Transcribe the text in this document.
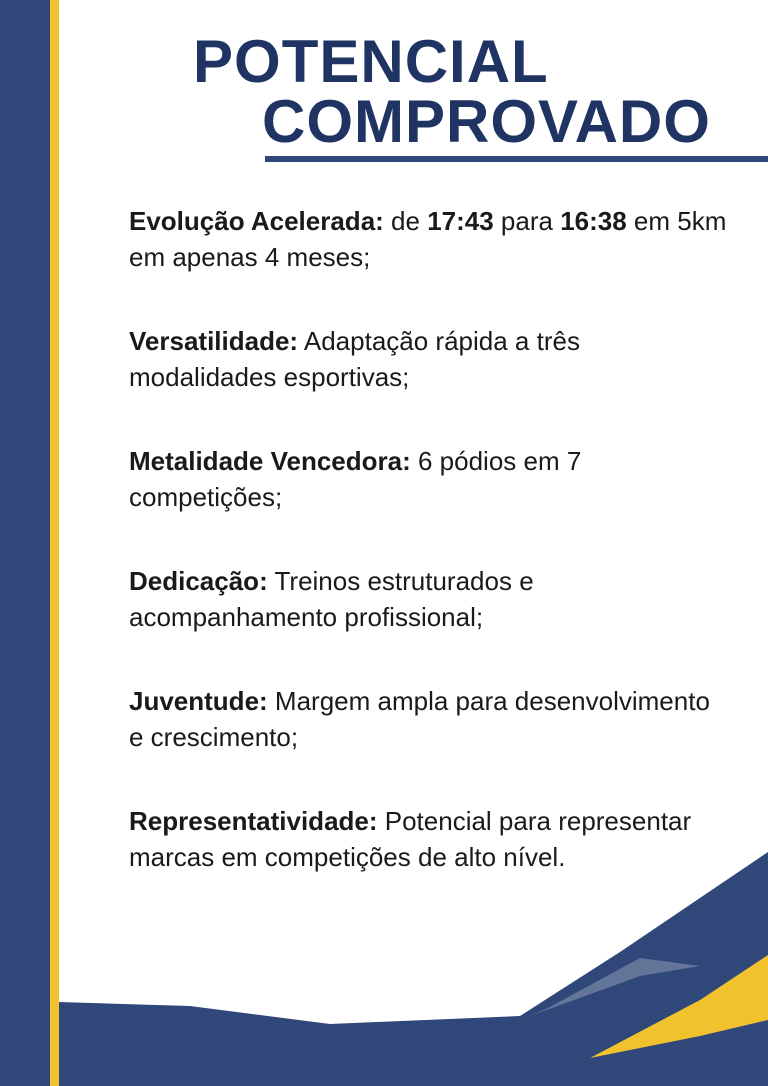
POTENCIAL
COMPROVADO
Evolução Acelerada: de 17:43 para 16:38 em 5km em apenas 4 meses;
Versatilidade: Adaptação rápida a três modalidades esportivas;
Metalidade Vencedora: 6 pódios em 7 competições;
Dedicação: Treinos estruturados e acompanhamento profissional;
Juventude: Margem ampla para desenvolvimento e crescimento;
Representatividade: Potencial para representar marcas em competições de alto nível.
